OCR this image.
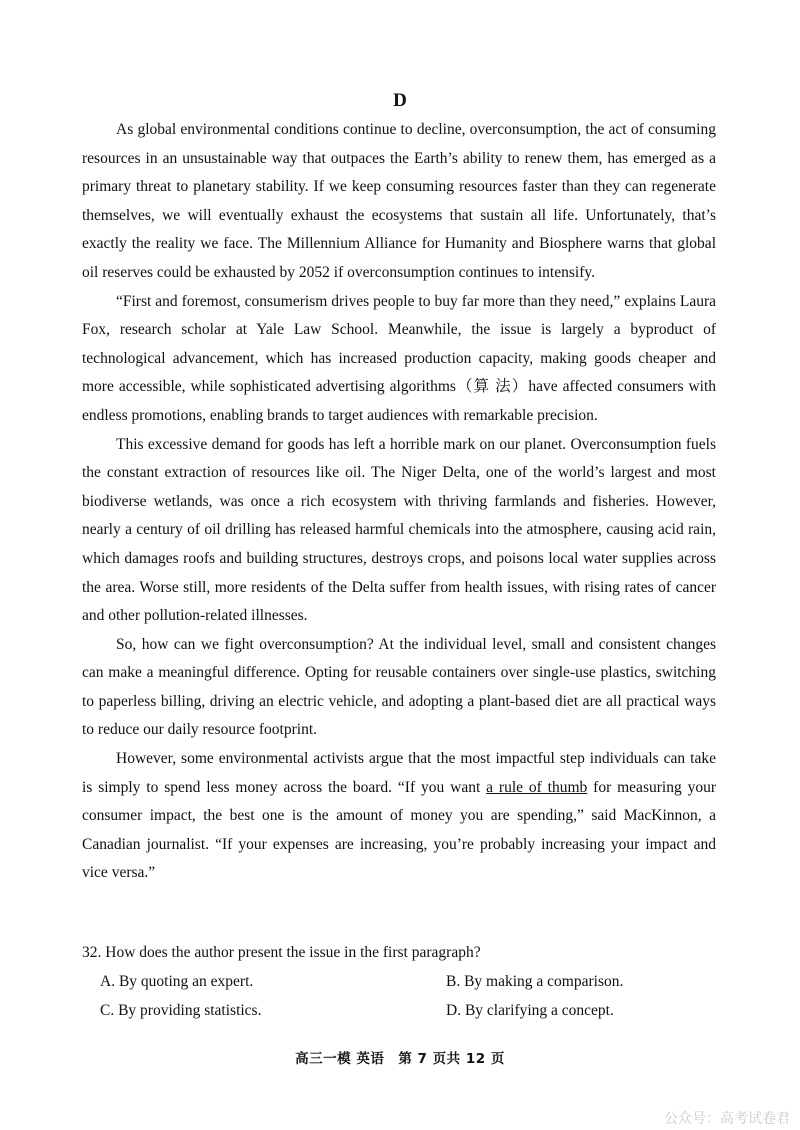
D

As global environmental conditions continue to decline, overconsumption, the act of consuming resources in an unsustainable way that outpaces the Earth’s ability to renew them, has emerged as a primary threat to planetary stability. If we keep consuming resources faster than they can regenerate themselves, we will eventually exhaust the ecosystems that sustain all life. Unfortunately, that’s exactly the reality we face. The Millennium Alliance for Humanity and Biosphere warns that global oil reserves could be exhausted by 2052 if overconsumption continues to intensify.

“First and foremost, consumerism drives people to buy far more than they need,” explains Laura Fox, research scholar at Yale Law School. Meanwhile, the issue is largely a byproduct of technological advancement, which has increased production capacity, making goods cheaper and more accessible, while sophisticated advertising algorithms（算 法）have affected consumers with endless promotions, enabling brands to target audiences with remarkable precision.

This excessive demand for goods has left a horrible mark on our planet. Overconsumption fuels the constant extraction of resources like oil. The Niger Delta, one of the world’s largest and most biodiverse wetlands, was once a rich ecosystem with thriving farmlands and fisheries. However, nearly a century of oil drilling has released harmful chemicals into the atmosphere, causing acid rain, which damages roofs and building structures, destroys crops, and poisons local water supplies across the area. Worse still, more residents of the Delta suffer from health issues, with rising rates of cancer and other pollution-related illnesses.

So, how can we fight overconsumption? At the individual level, small and consistent changes can make a meaningful difference. Opting for reusable containers over single-use plastics, switching to paperless billing, driving an electric vehicle, and adopting a plant-based diet are all practical ways to reduce our daily resource footprint.

However, some environmental activists argue that the most impactful step individuals can take is simply to spend less money across the board. “If you want a rule of thumb for measuring your consumer impact, the best one is the amount of money you are spending,” said MacKinnon, a Canadian journalist. “If your expenses are increasing, you’re probably increasing your impact and vice versa.”

32. How does the author present the issue in the first paragraph?
A. By quoting an expert.	B. By making a comparison.
C. By providing statistics.	D. By clarifying a concept.
高三一模 英语　第 7 页共 12 页
公众号：高考试卷君
